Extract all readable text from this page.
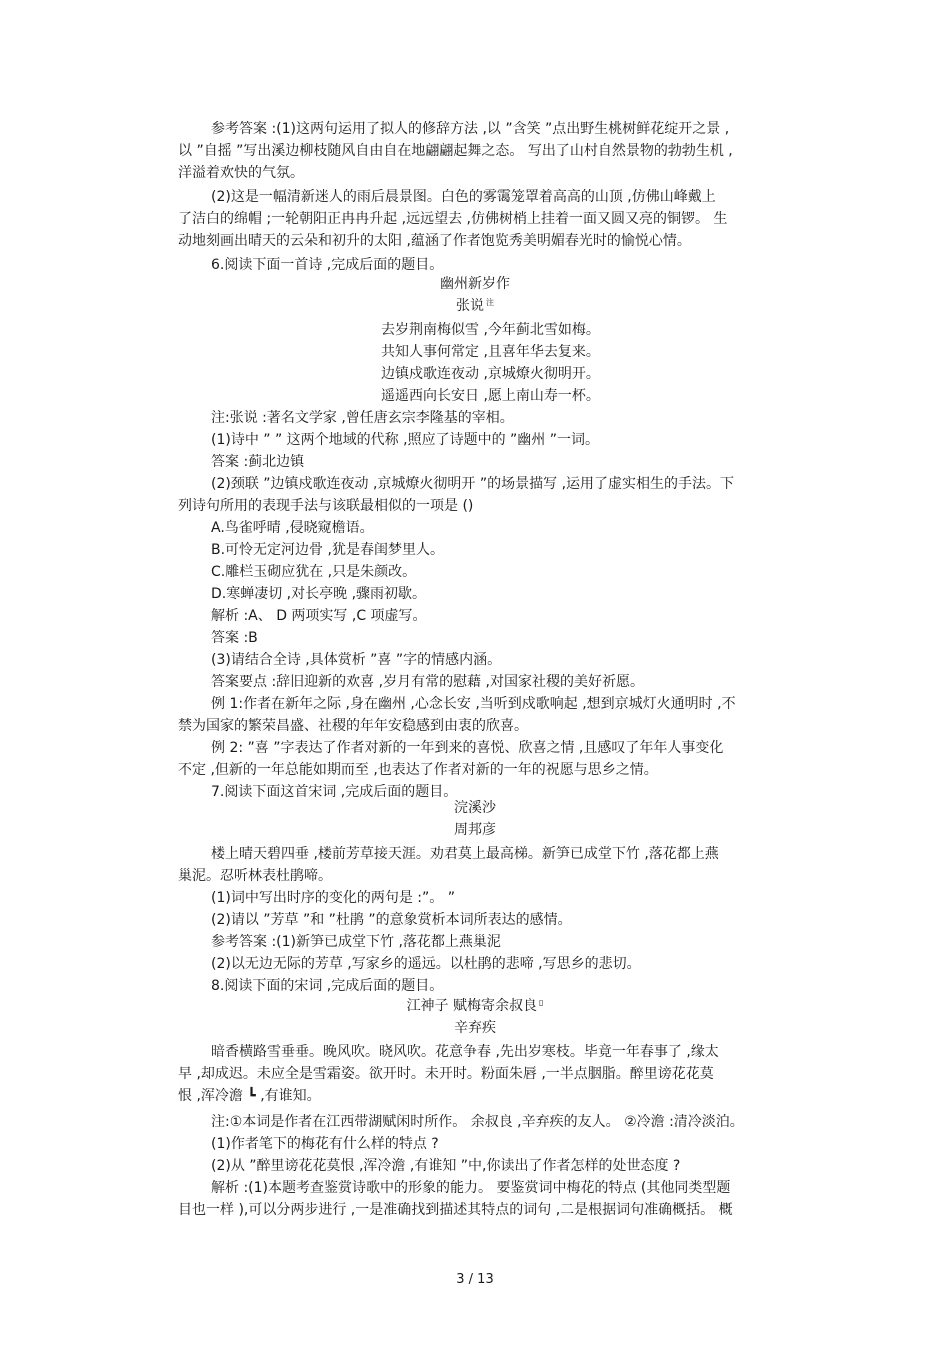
参考答案 :(1)这两句运用了拟人的修辞方法 ,以 ”含笑 ”点出野生桃树鲜花绽开之景 ,
以 ”自摇 ”写出溪边柳枝随风自由自在地翩翩起舞之态。 写出了山村自然景物的勃勃生机 ,
洋溢着欢快的气氛。
(2)这是一幅清新迷人的雨后晨景图。白色的雾霭笼罩着高高的山顶 ,仿佛山峰戴上
了洁白的绵帽 ;一轮朝阳正冉冉升起 ,远远望去 ,仿佛树梢上挂着一面又圆又亮的铜锣。 生
动地刻画出晴天的云朵和初升的太阳 ,蕴涵了作者饱览秀美明媚春光时的愉悦心情。
6.阅读下面一首诗 ,完成后面的题目。
去岁荆南梅似雪 ,今年蓟北雪如梅。
共知人事何常定 ,且喜年华去复来。
边镇戍歌连夜动 ,京城燎火彻明开。
遥遥西向长安日 ,愿上南山寿一杯。
注:张说 :著名文学家 ,曾任唐玄宗李隆基的宰相。
(1)诗中 ” ” 这两个地域的代称 ,照应了诗题中的 ”幽州 ”一词。
答案 :蓟北边镇
(2)颈联 ”边镇戍歌连夜动 ,京城燎火彻明开 ”的场景描写 ,运用了虚实相生的手法。下
列诗句所用的表现手法与该联最相似的一项是 ()
A.鸟雀呼晴 ,侵晓窥檐语。
B.可怜无定河边骨 ,犹是春闺梦里人。
C.雕栏玉砌应犹在 ,只是朱颜改。
D.寒蝉凄切 ,对长亭晚 ,骤雨初歇。
解析 :A、 D 两项实写 ,C 项虚写。
答案 :B
(3)请结合全诗 ,具体赏析 ”喜 ”字的情感内涵。
答案要点 :辞旧迎新的欢喜 ,岁月有常的慰藉 ,对国家社稷的美好祈愿。
例 1:作者在新年之际 ,身在幽州 ,心念长安 ,当听到戍歌响起 ,想到京城灯火通明时 ,不
禁为国家的繁荣昌盛、社稷的年年安稳感到由衷的欣喜。
例 2: ”喜 ”字表达了作者对新的一年到来的喜悦、欣喜之情 ,且感叹了年年人事变化
不定 ,但新的一年总能如期而至 ,也表达了作者对新的一年的祝愿与思乡之情。
7.阅读下面这首宋词 ,完成后面的题目。
楼上晴天碧四垂 ,楼前芳草接天涯。劝君莫上最高梯。新笋已成堂下竹 ,落花都上燕
巢泥。忍听林表杜鹃啼。
(1)词中写出时序的变化的两句是 :”。 ”
(2)请以 ”芳草 ”和 ”杜鹃 ”的意象赏析本词所表达的感情。
参考答案 :(1)新笋已成堂下竹 ,落花都上燕巢泥
(2)以无边无际的芳草 ,写家乡的遥远。以杜鹃的悲啼 ,写思乡的悲切。
8.阅读下面的宋词 ,完成后面的题目。
暗香横路雪垂垂。晚风吹。晓风吹。花意争春 ,先出岁寒枝。毕竟一年春事了 ,缘太
早 ,却成迟。未应全是雪霜姿。欲开时。未开时。粉面朱唇 ,一半点胭脂。醉里谤花花莫
恨 ,浑冷澹 ┗ ,有谁知。
注:①本词是作者在江西带湖赋闲时所作。 余叔良 ,辛弃疾的友人。 ②冷澹 :清冷淡泊。
(1)作者笔下的梅花有什么样的特点 ?
(2)从 ”醉里谤花花莫恨 ,浑冷澹 ,有谁知 ”中,你读出了作者怎样的处世态度 ?
解析 :(1)本题考查鉴赏诗歌中的形象的能力。 要鉴赏词中梅花的特点 (其他同类型题
目也一样 ),可以分两步进行 ,一是准确找到描述其特点的词句 ,二是根据词句准确概括。 概
幽州新岁作
张说 $^注$
浣溪沙
周邦彦
江神子 赋梅寄余叔良 ▯
辛弃疾
3 / 13
